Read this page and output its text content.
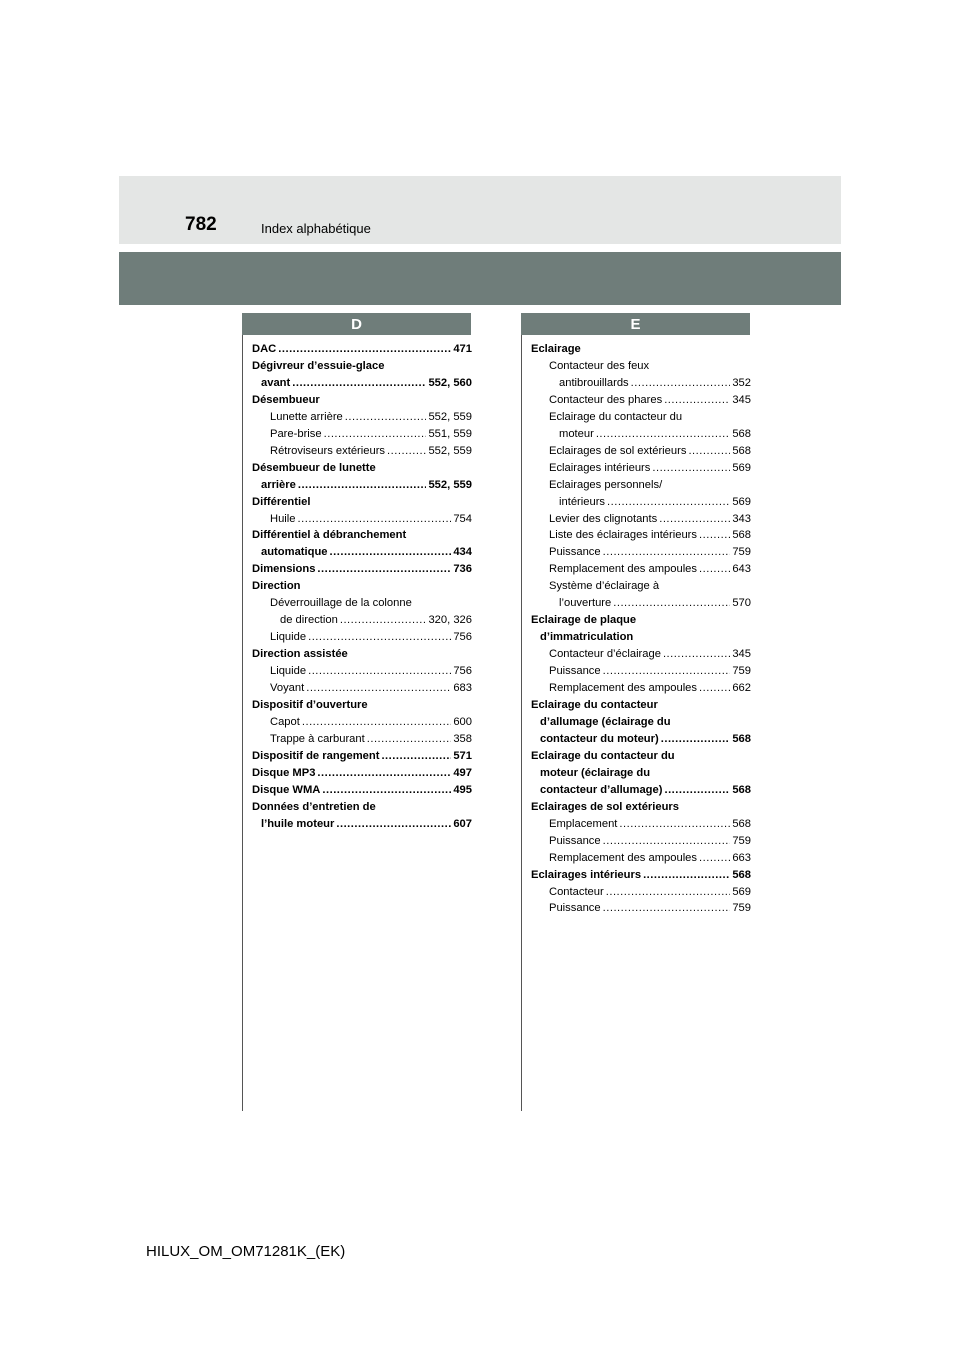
782	Index alphabétique
D	E
DAC .....	471
Dégivreur d’essuie-glace
avant .....	552, 560
Désembueur
Lunette arrière .....	552, 559
Pare-brise .....	551, 559
Rétroviseurs extérieurs .....	552, 559
Désembueur de lunette
arrière .....	552, 559
Différentiel
Huile .....	754
Différentiel à débranchement
automatique .....	434
Dimensions .....	736
Direction
Déverrouillage de la colonne
de direction .....	320, 326
Liquide .....	756
Direction assistée
Liquide .....	756
Voyant .....	683
Dispositif d’ouverture
Capot .....	600
Trappe à carburant .....	358
Dispositif de rangement .....	571
Disque MP3 .....	497
Disque WMA .....	495
Données d’entretien de
l’huile moteur .....	607
Eclairage
Contacteur des feux
antibrouillards .....	352
Contacteur des phares .....	345
Eclairage du contacteur du
moteur .....	568
Eclairages de sol extérieurs .....	568
Eclairages intérieurs .....	569
Eclairages personnels/
intérieurs .....	569
Levier des clignotants .....	343
Liste des éclairages intérieurs .....	568
Puissance .....	759
Remplacement des ampoules .....	643
Système d’éclairage à
l’ouverture .....	570
Eclairage de plaque
d’immatriculation
Contacteur d’éclairage .....	345
Puissance .....	759
Remplacement des ampoules .....	662
Eclairage du contacteur
d’allumage (éclairage du
contacteur du moteur) .....	568
Eclairage du contacteur du
moteur (éclairage du
contacteur d’allumage) .....	568
Eclairages de sol extérieurs
Emplacement .....	568
Puissance .....	759
Remplacement des ampoules .....	663
Eclairages intérieurs .....	568
Contacteur .....	569
Puissance .....	759
HILUX_OM_OM71281K_(EK)
